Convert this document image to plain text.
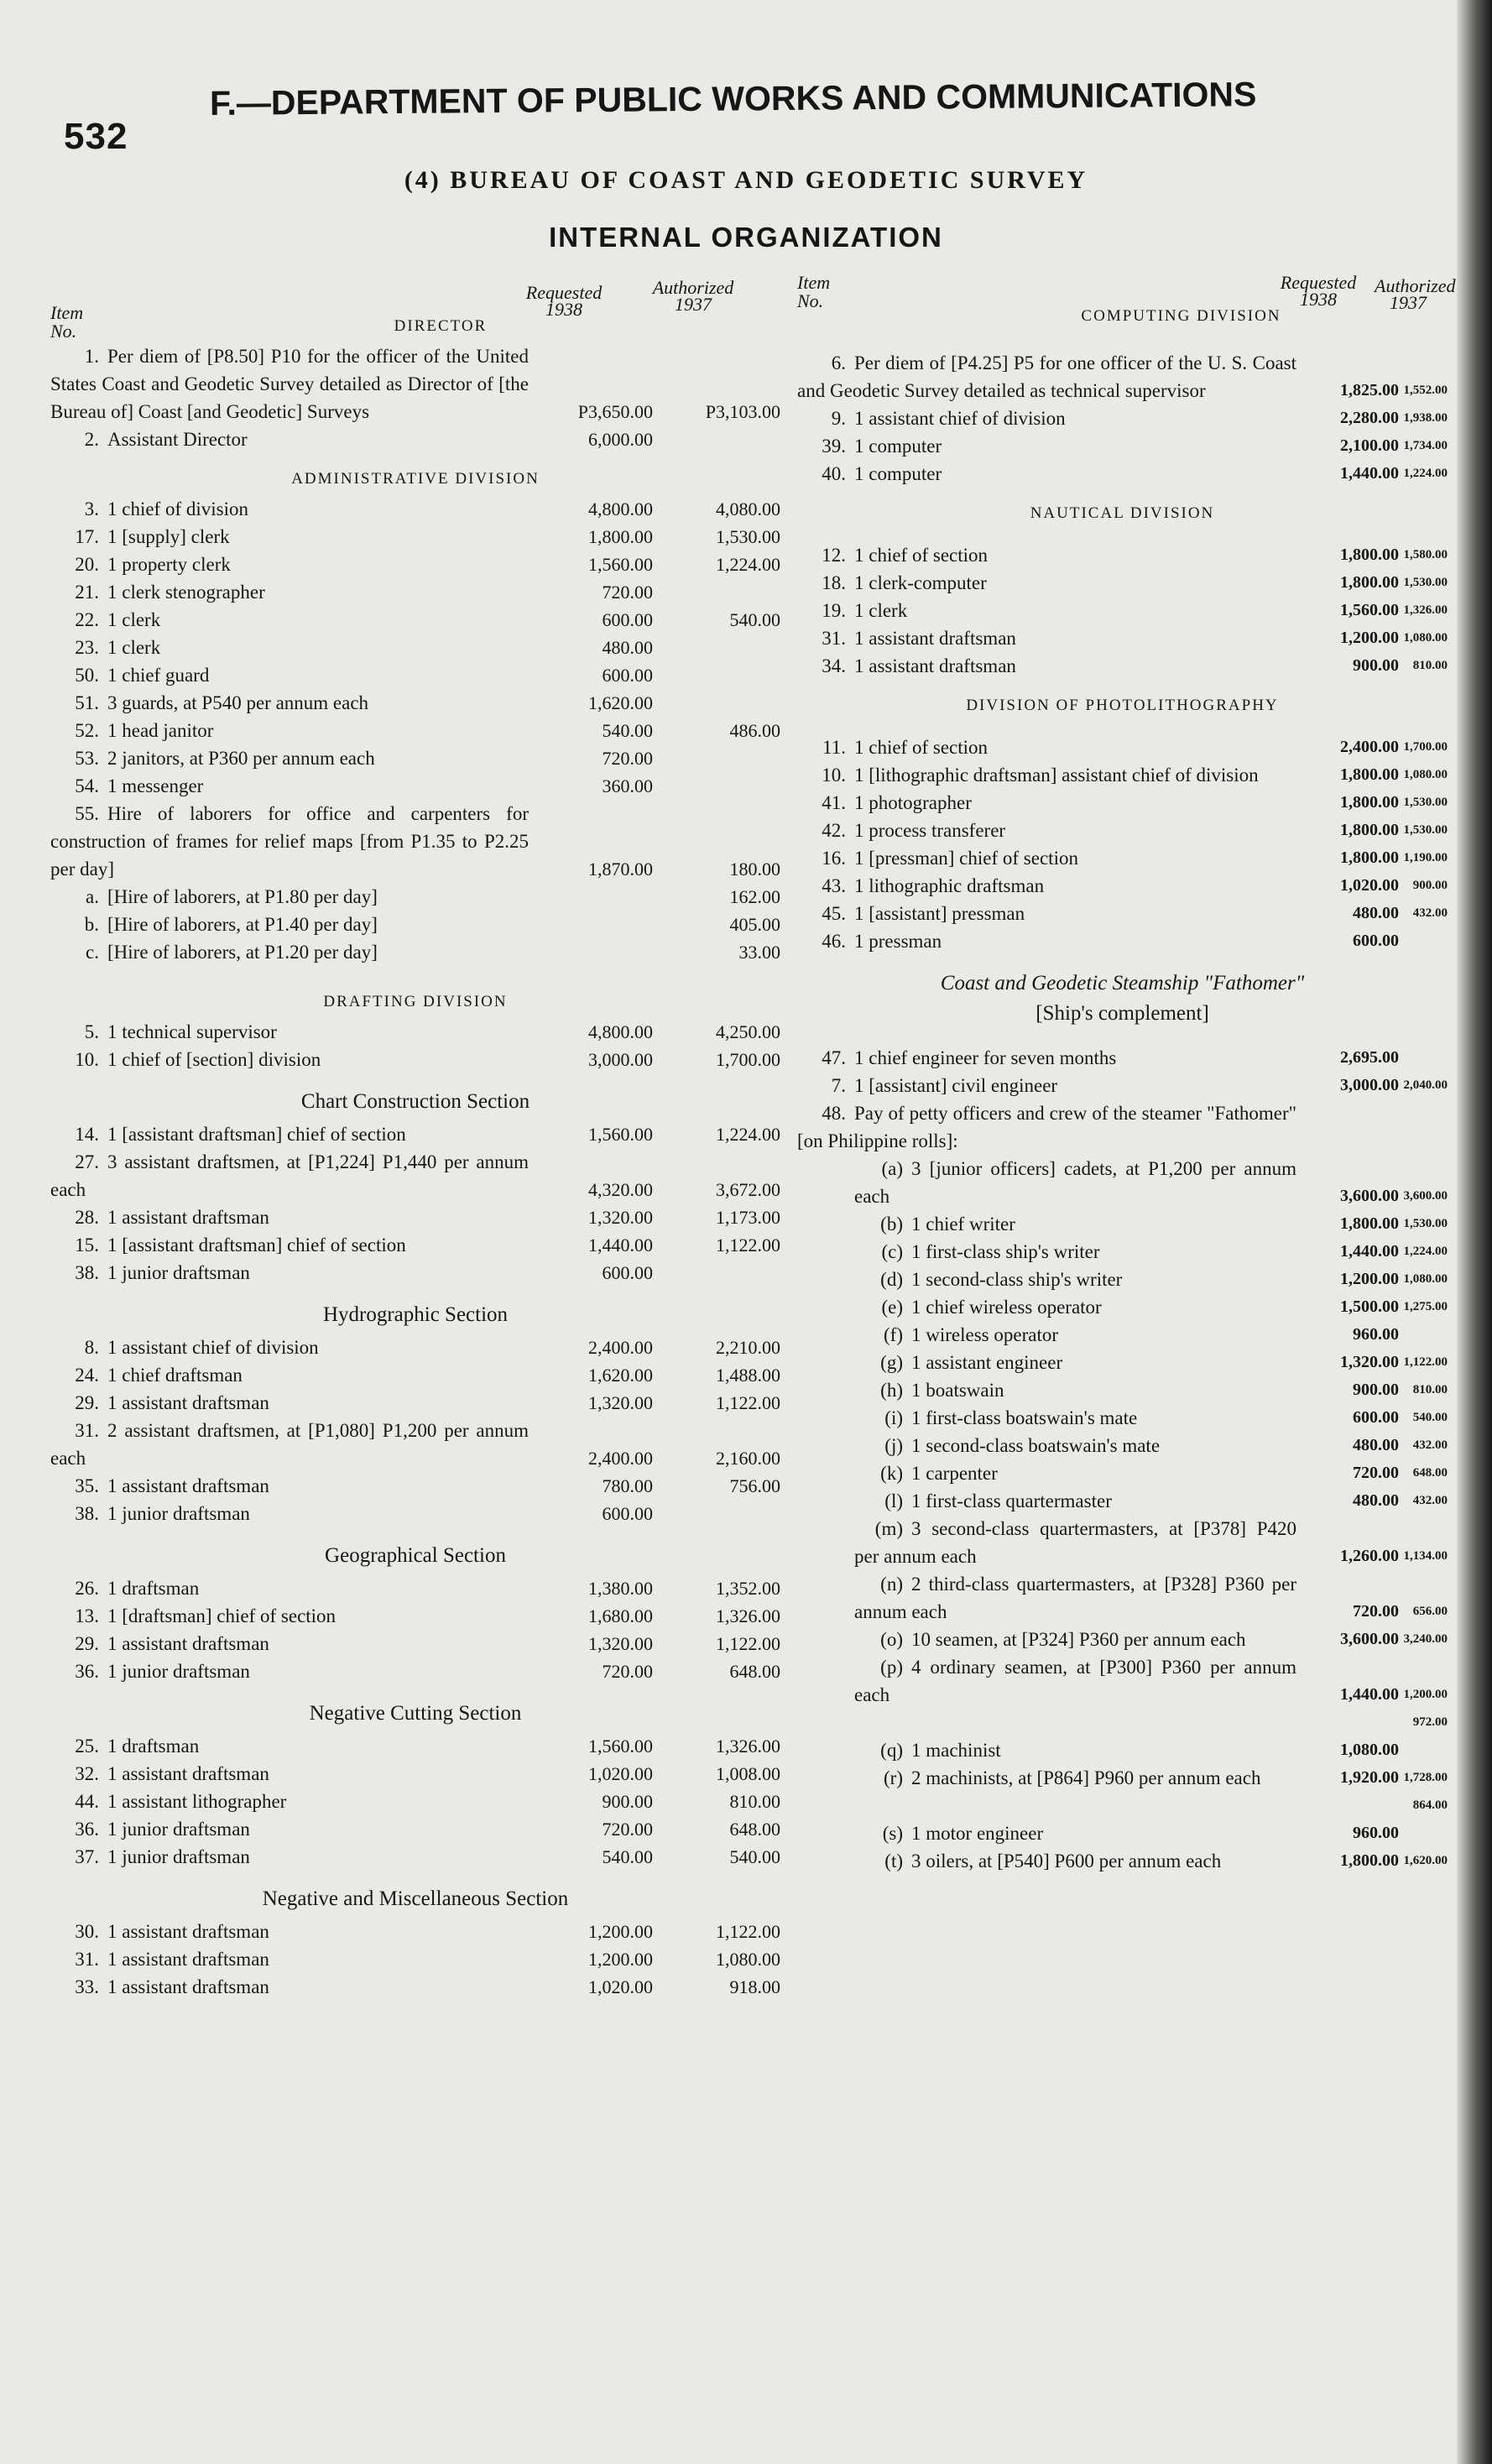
532
F.—DEPARTMENT OF PUBLIC WORKS AND COMMUNICATIONS
(4) BUREAU OF COAST AND GEODETIC SURVEY
INTERNAL ORGANIZATION
Item
No.
Requested
1938
Authorized
1937
DIRECTOR
1. Per diem of [P8.50] P10 for the officer of the United States Coast and Geodetic Survey detailed as Director of [the Bureau of] Coast [and Geodetic] Surveys	P3,650.00	P3,103.00
2. Assistant Director	6,000.00
ADMINISTRATIVE DIVISION
3. 1 chief of division	4,800.00	4,080.00
17. 1 [supply] clerk	1,800.00	1,530.00
20. 1 property clerk	1,560.00	1,224.00
21. 1 clerk stenographer	720.00
22. 1 clerk	600.00	540.00
23. 1 clerk	480.00
50. 1 chief guard	600.00
51. 3 guards, at P540 per annum each	1,620.00
52. 1 head janitor	540.00	486.00
53. 2 janitors, at P360 per annum each	720.00
54. 1 messenger	360.00
55. Hire of laborers for office and carpenters for construction of frames for relief maps [from P1.35 to P2.25 per day]	1,870.00	180.00
a. [Hire of laborers, at P1.80 per day]	162.00
b. [Hire of laborers, at P1.40 per day]	405.00
c. [Hire of laborers, at P1.20 per day]	33.00
DRAFTING DIVISION
5. 1 technical supervisor	4,800.00	4,250.00
10. 1 chief of [section] division	3,000.00	1,700.00
Chart Construction Section
14. 1 [assistant draftsman] chief of section	1,560.00	1,224.00
27. 3 assistant draftsmen, at [P1,224] P1,440 per annum each	4,320.00	3,672.00
28. 1 assistant draftsman	1,320.00	1,173.00
15. 1 [assistant draftsman] chief of section	1,440.00	1,122.00
38. 1 junior draftsman	600.00
Hydrographic Section
8. 1 assistant chief of division	2,400.00	2,210.00
24. 1 chief draftsman	1,620.00	1,488.00
29. 1 assistant draftsman	1,320.00	1,122.00
31. 2 assistant draftsmen, at [P1,080] P1,200 per annum each	2,400.00	2,160.00
35. 1 assistant draftsman	780.00	756.00
38. 1 junior draftsman	600.00
Geographical Section
26. 1 draftsman	1,380.00	1,352.00
13. 1 [draftsman] chief of section	1,680.00	1,326.00
29. 1 assistant draftsman	1,320.00	1,122.00
36. 1 junior draftsman	720.00	648.00
Negative Cutting Section
25. 1 draftsman	1,560.00	1,326.00
32. 1 assistant draftsman	1,020.00	1,008.00
44. 1 assistant lithographer	900.00	810.00
36. 1 junior draftsman	720.00	648.00
37. 1 junior draftsman	540.00	540.00
Negative and Miscellaneous Section
30. 1 assistant draftsman	1,200.00	1,122.00
31. 1 assistant draftsman	1,200.00	1,080.00
33. 1 assistant draftsman	1,020.00	918.00
Item
No.
Requested
1938
Authorized
1937
COMPUTING DIVISION
6. Per diem of [P4.25] P5 for one officer of the U. S. Coast and Geodetic Survey detailed as technical supervisor	1,825.00 1,552.00
9. 1 assistant chief of division	2,280.00 1,938.00
39. 1 computer	2,100.00 1,734.00
40. 1 computer	1,440.00 1,224.00
NAUTICAL DIVISION
12. 1 chief of section	1,800.00 1,580.00
18. 1 clerk-computer	1,800.00 1,530.00
19. 1 clerk	1,560.00 1,326.00
31. 1 assistant draftsman	1,200.00 1,080.00
34. 1 assistant draftsman	900.00	810.00
DIVISION OF PHOTOLITHOGRAPHY
11. 1 chief of section	2,400.00 1,700.00
10. 1 [lithographic draftsman] assistant chief of division	1,800.00 1,080.00
41. 1 photographer	1,800.00 1,530.00
42. 1 process transferer	1,800.00 1,530.00
16. 1 [pressman] chief of section	1,800.00 1,190.00
43. 1 lithographic draftsman	1,020.00	900.00
45. 1 [assistant] pressman	480.00	432.00
46. 1 pressman	600.00
Coast and Geodetic Steamship "Fathomer"
[Ship's complement]
47. 1 chief engineer for seven months	2,695.00
7. 1 [assistant] civil engineer	3,000.00 2,040.00
48. Pay of petty officers and crew of the steamer "Fathomer" [on Philippine rolls]:
(a) 3 [junior officers] cadets, at P1,200 per annum each	3,600.00 3,600.00
(b) 1 chief writer	1,800.00 1,530.00
(c) 1 first-class ship's writer	1,440.00 1,224.00
(d) 1 second-class ship's writer	1,200.00 1,080.00
(e) 1 chief wireless operator	1,500.00 1,275.00
(f) 1 wireless operator	960.00
(g) 1 assistant engineer	1,320.00 1,122.00
(h) 1 boatswain	900.00	810.00
(i) 1 first-class boatswain's mate	600.00	540.00
(j) 1 second-class boatswain's mate	480.00	432.00
(k) 1 carpenter	720.00	648.00
(l) 1 first-class quartermaster	480.00	432.00
(m) 3 second-class quartermasters, at [P378] P420 per annum each	1,260.00 1,134.00
(n) 2 third-class quartermasters, at [P328] P360 per annum each	720.00	656.00
(o) 10 seamen, at [P324] P360 per annum each	3,600.00 3,240.00
(p) 4 ordinary seamen, at [P300] P360 per annum each	1,440.00 1,200.00
972.00
(q) 1 machinist	1,080.00
(r) 2 machinists, at [P864] P960 per annum each	1,920.00 1,728.00
864.00
(s) 1 motor engineer	960.00
(t) 3 oilers, at [P540] P600 per annum each	1,800.00 1,620.00
